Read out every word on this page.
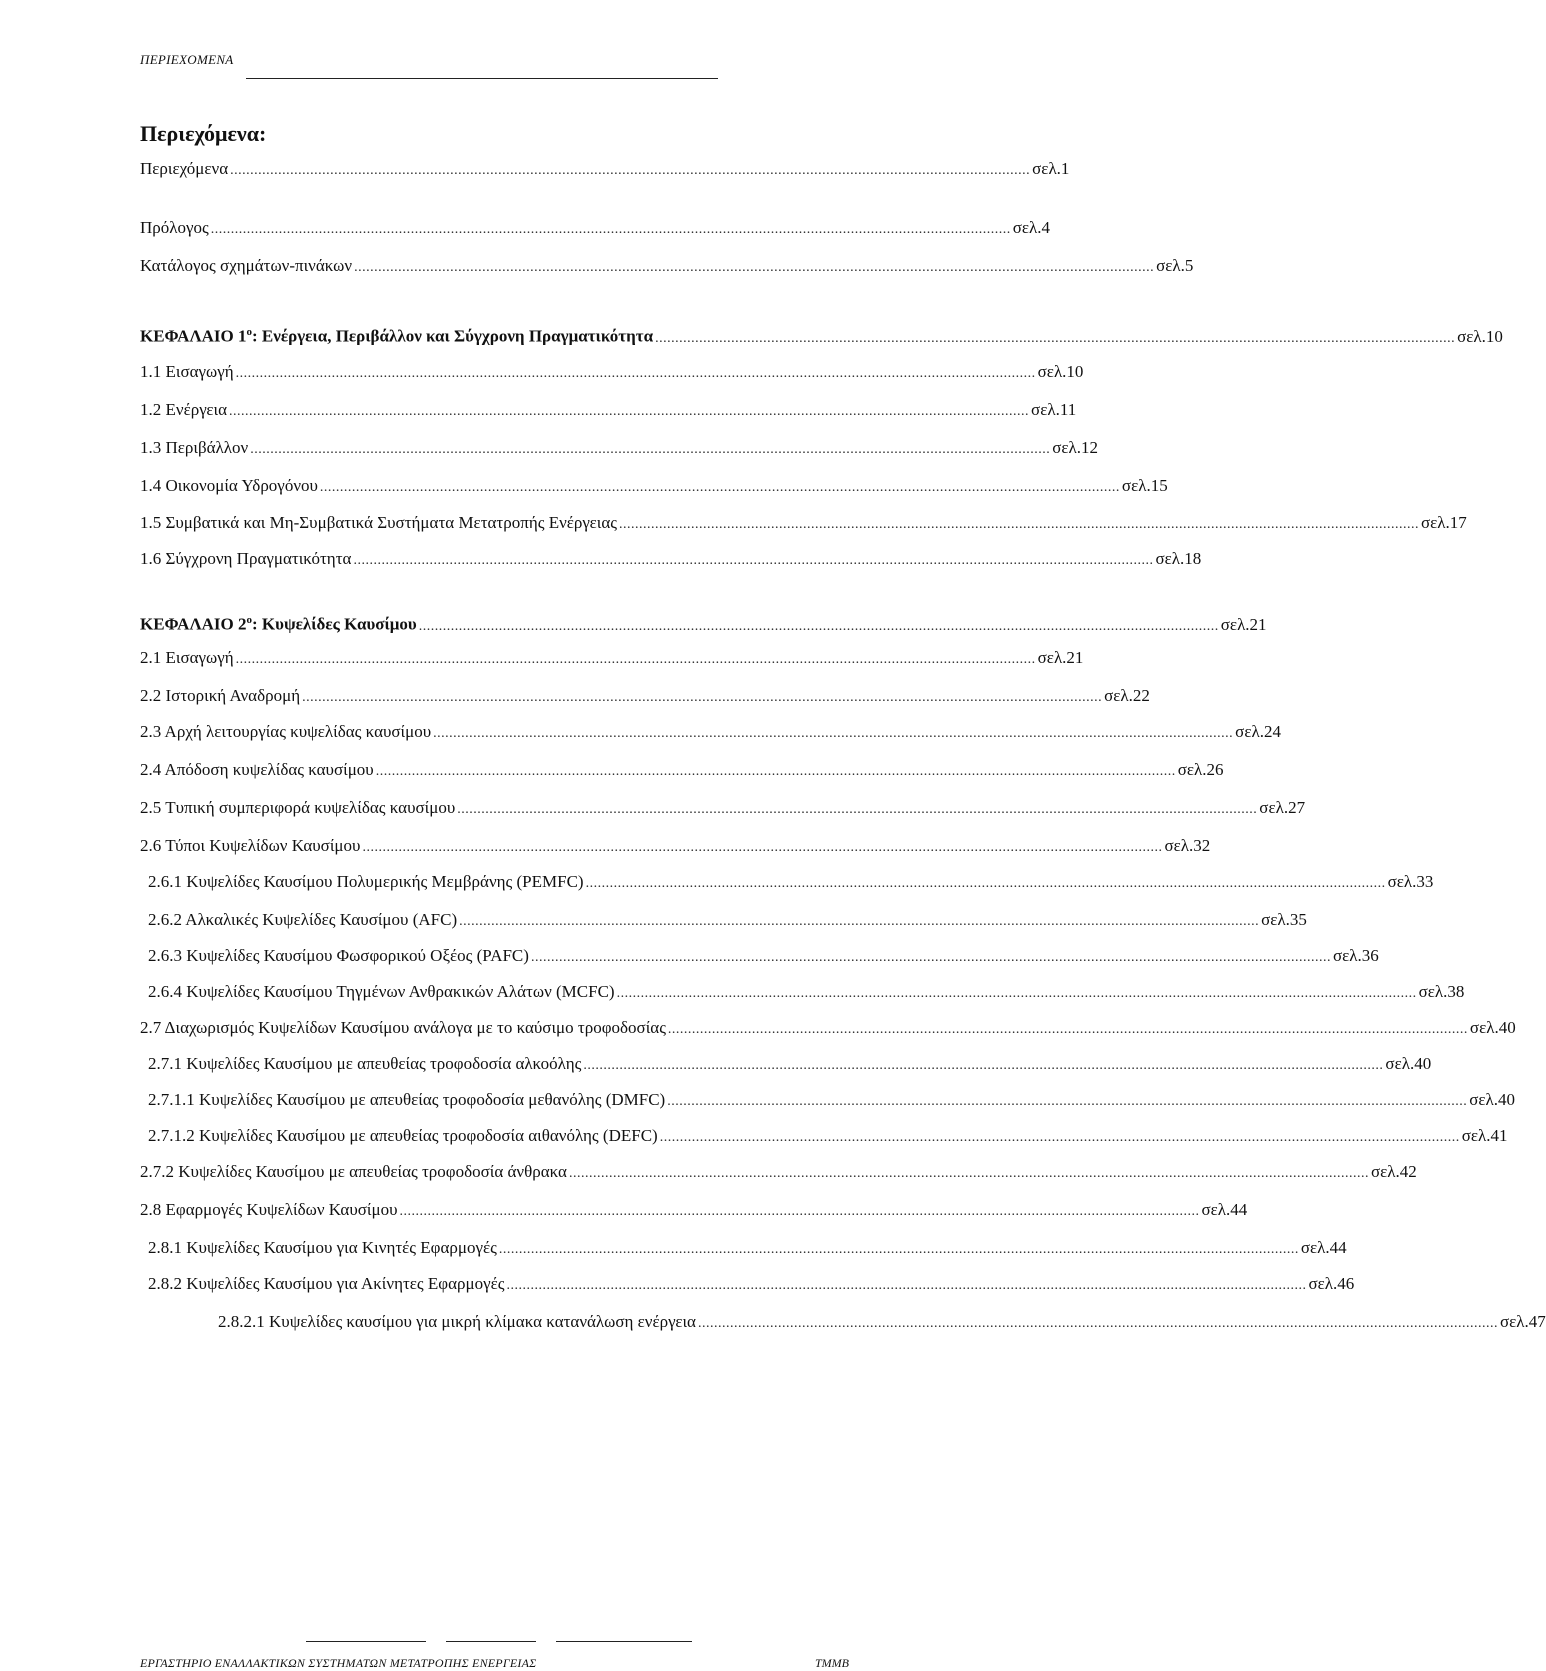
ΠΕΡΙΕΧΟΜΕΝΑ
Περιεχόμενα:
Περιεχόμενα ........................................................................................................................................................................................................ σελ.1
Πρόλογος ........................................................................................................................................................................................................ σελ.4
Κατάλογος σχημάτων-πινάκων ........................................................................................................................................................................................................ σελ.5
ΚΕΦΑΛΑΙΟ $1^o$: Ενέργεια, Περιβάλλον και Σύγχρονη Πραγματικότητα ........................................................................................................................................................................................................ σελ.10
1.1 Εισαγωγή ........................................................................................................................................................................................................ σελ.10
1.2 Ενέργεια ........................................................................................................................................................................................................ σελ.11
1.3 Περιβάλλον ........................................................................................................................................................................................................ σελ.12
1.4 Οικονομία Υδρογόνου ........................................................................................................................................................................................................ σελ.15
1.5 Συμβατικά και Μη-Συμβατικά Συστήματα Μετατροπής Ενέργειας ........................................................................................................................................................................................................ σελ.17
1.6 Σύγχρονη Πραγματικότητα ........................................................................................................................................................................................................ σελ.18
ΚΕΦΑΛΑΙΟ $2^o$: Κυψελίδες Καυσίμου ........................................................................................................................................................................................................ σελ.21
2.1 Εισαγωγή ........................................................................................................................................................................................................ σελ.21
2.2 Ιστορική Αναδρομή ........................................................................................................................................................................................................ σελ.22
2.3 Αρχή λειτουργίας κυψελίδας καυσίμου ........................................................................................................................................................................................................ σελ.24
2.4 Απόδοση κυψελίδας καυσίμου ........................................................................................................................................................................................................ σελ.26
2.5 Τυπική συμπεριφορά κυψελίδας καυσίμου ........................................................................................................................................................................................................ σελ.27
2.6 Τύποι Κυψελίδων Καυσίμου ........................................................................................................................................................................................................ σελ.32
2.6.1 Κυψελίδες Καυσίμου Πολυμερικής Μεμβράνης (PEMFC) ........................................................................................................................................................................................................ σελ.33
2.6.2 Αλκαλικές Κυψελίδες Καυσίμου (AFC) ........................................................................................................................................................................................................ σελ.35
2.6.3 Κυψελίδες Καυσίμου Φωσφορικού Οξέος (PAFC) ........................................................................................................................................................................................................ σελ.36
2.6.4 Κυψελίδες Καυσίμου Τηγμένων Ανθρακικών Αλάτων (MCFC) ........................................................................................................................................................................................................ σελ.38
2.7 Διαχωρισμός Κυψελίδων Καυσίμου ανάλογα με το καύσιμο τροφοδοσίας ........................................................................................................................................................................................................ σελ.40
2.7.1 Κυψελίδες Καυσίμου με απευθείας τροφοδοσία αλκοόλης ........................................................................................................................................................................................................ σελ.40
2.7.1.1 Κυψελίδες Καυσίμου με απευθείας τροφοδοσία μεθανόλης (DMFC) ........................................................................................................................................................................................................ σελ.40
2.7.1.2 Κυψελίδες Καυσίμου με απευθείας τροφοδοσία αιθανόλης (DEFC) ........................................................................................................................................................................................................ σελ.41
2.7.2 Κυψελίδες Καυσίμου με απευθείας τροφοδοσία άνθρακα ........................................................................................................................................................................................................ σελ.42
2.8 Εφαρμογές Κυψελίδων Καυσίμου ........................................................................................................................................................................................................ σελ.44
2.8.1 Κυψελίδες Καυσίμου για Κινητές Εφαρμογές ........................................................................................................................................................................................................ σελ.44
2.8.2 Κυψελίδες Καυσίμου για Ακίνητες Εφαρμογές ........................................................................................................................................................................................................ σελ.46
2.8.2.1 Κυψελίδες καυσίμου για μικρή κλίμακα κατανάλωση ενέργεια ........................................................................................................................................................................................................ σελ.47
ΕΡΓΑΣΤΗΡΙΟ ΕΝΑΛΛΑΚΤΙΚΩΝ ΣΥΣΤΗΜΑΤΩΝ ΜΕΤΑΤΡΟΠΗΣ ΕΝΕΡΓΕΙΑΣ	ΤΜΜΒ
